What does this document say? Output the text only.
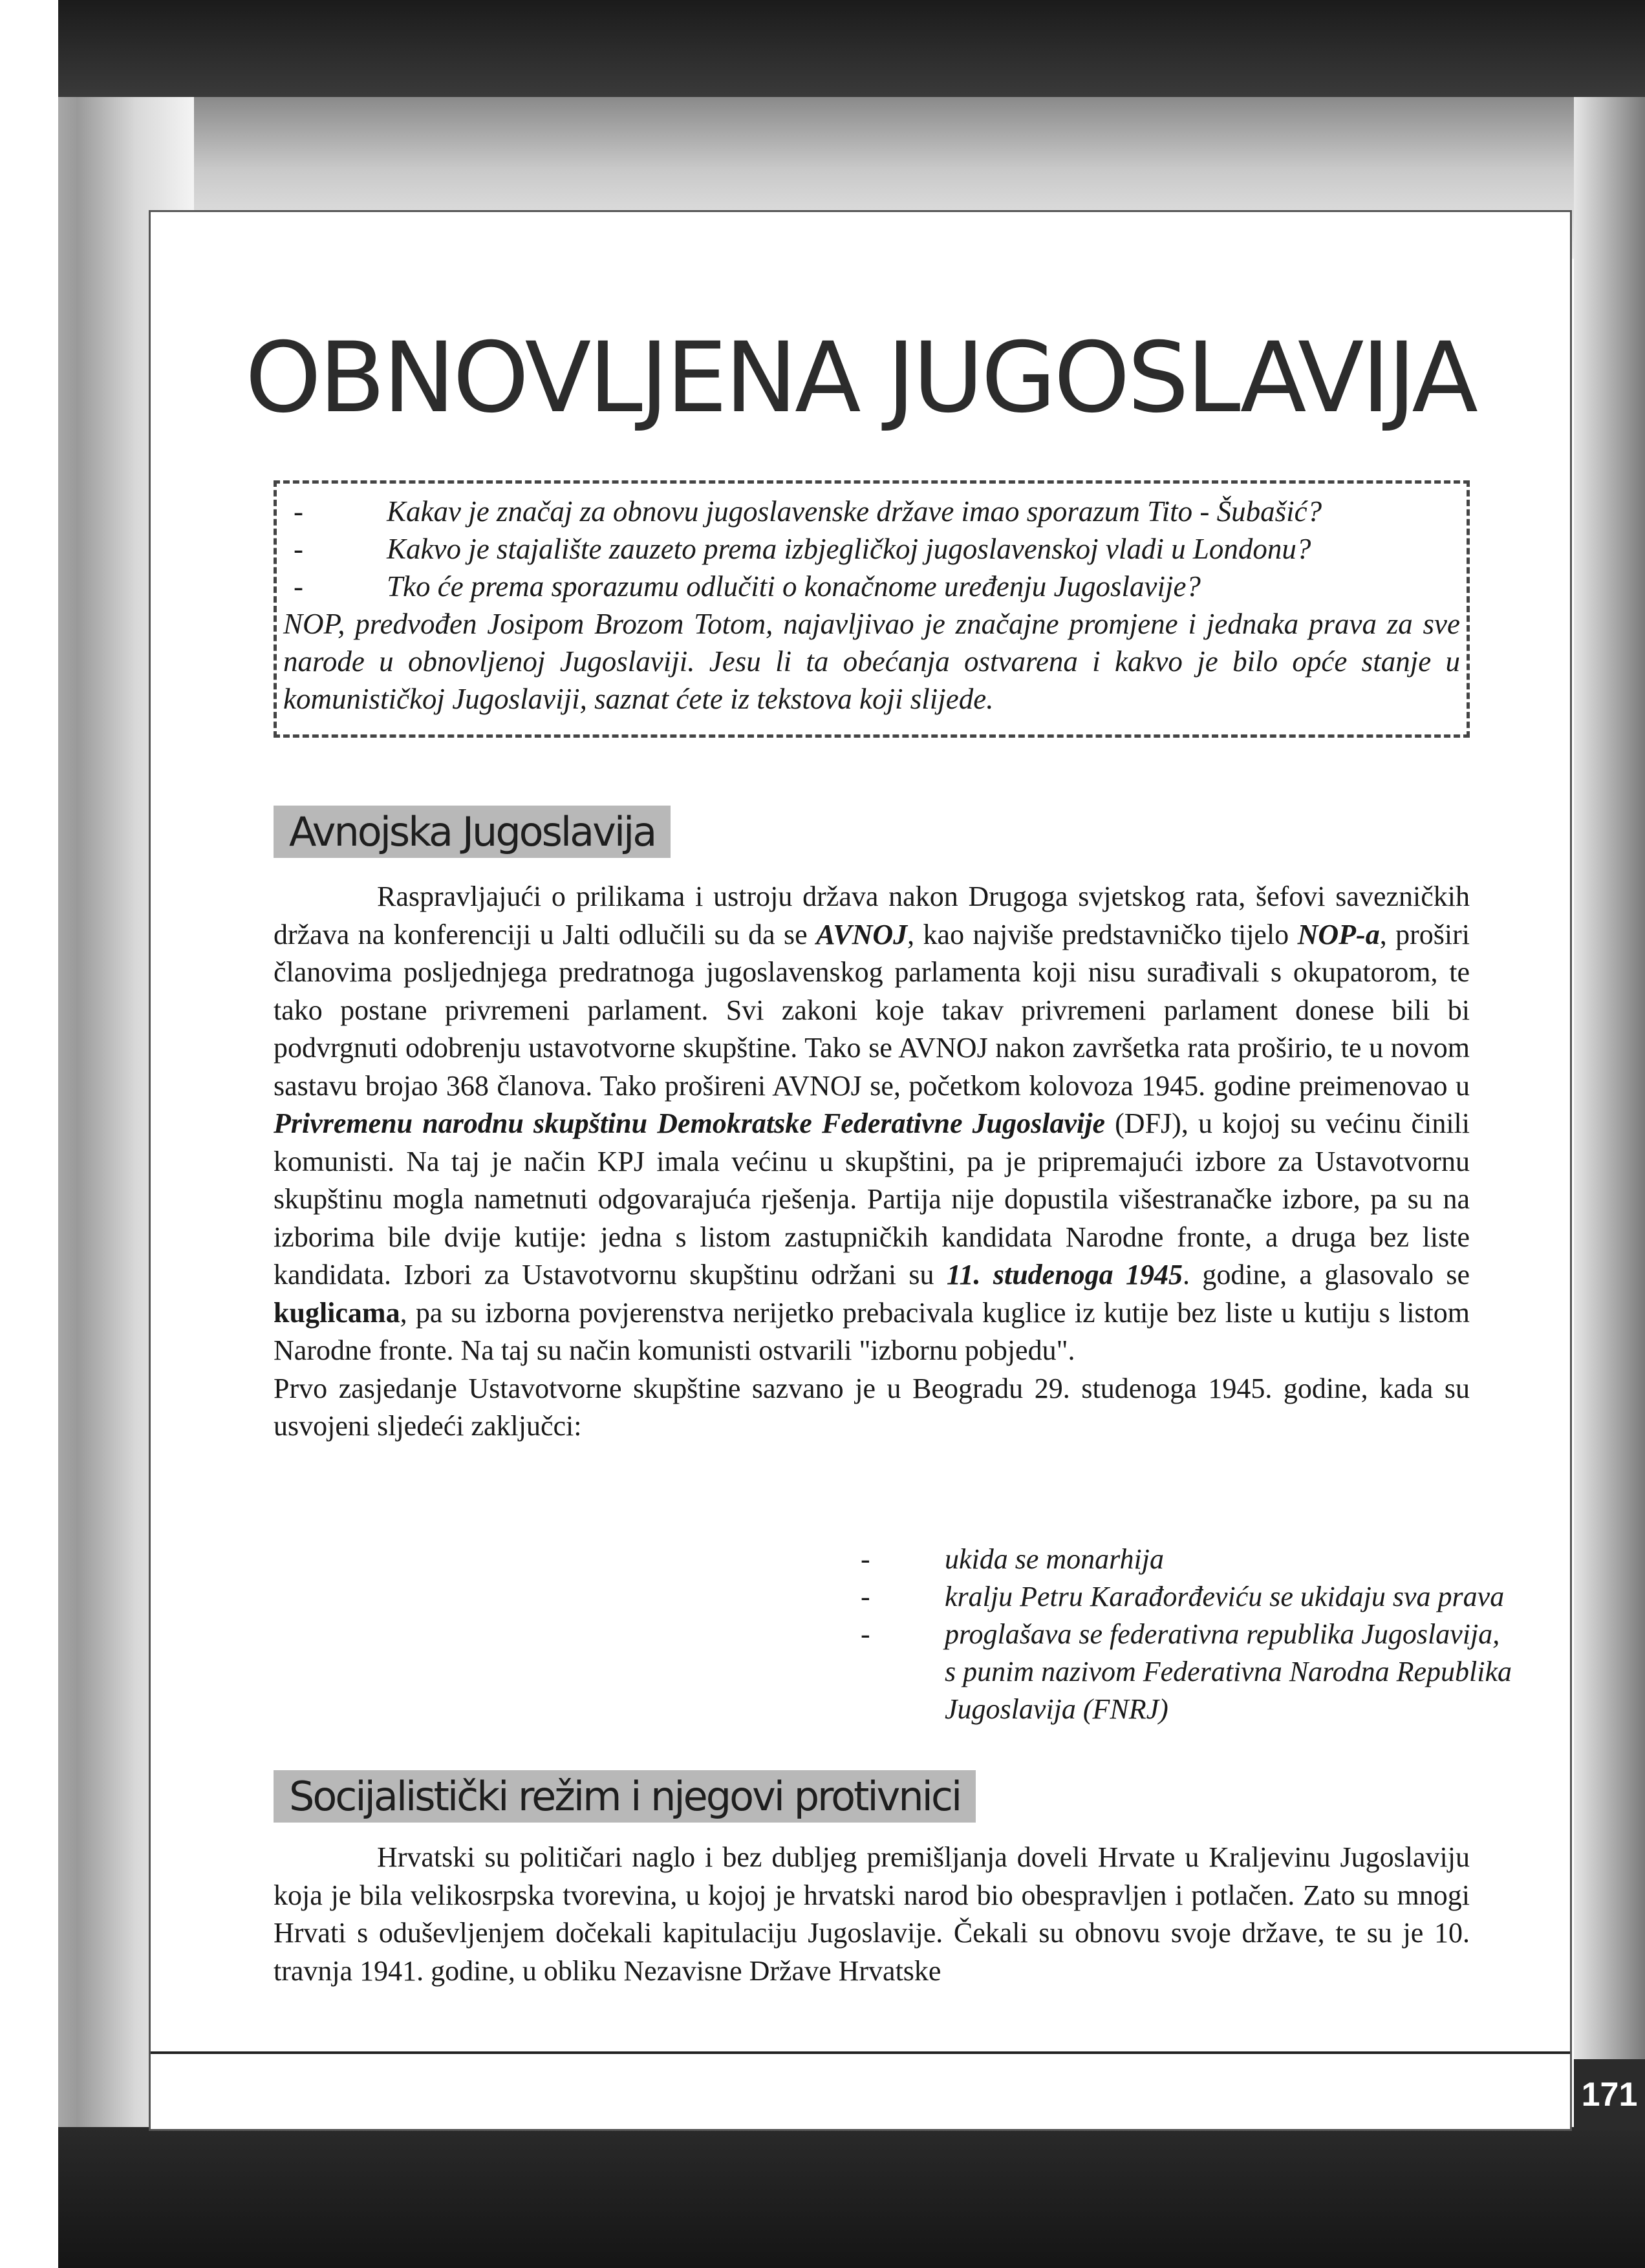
OBNOVLJENA JUGOSLAVIJA
-	Kakav je značaj za obnovu jugoslavenske države imao sporazum Tito - Šubašić?

-	Kakvo je stajalište zauzeto prema izbjegličkoj jugoslavenskoj vladi u Londonu?

-	Tko će prema sporazumu odlučiti o konačnome uređenju Jugoslavije?

NOP, predvođen Josipom Brozom Totom, najavljivao je značajne promjene i jednaka prava za sve narode u obnovljenoj Jugoslaviji. Jesu li ta obećanja ostvarena i kakvo je bilo opće stanje u komunističkoj Jugoslaviji, saznat ćete iz tekstova koji slijede.
Avnojska Jugoslavija

Raspravljajući o prilikama i ustroju država nakon Drugoga svjetskog rata, šefovi savezničkih država na konferenciji u Jalti odlučili su da se AVNOJ, kao najviše predstavničko tijelo NOP-a, proširi članovima posljednjega predratnoga jugoslavenskog parlamenta koji nisu surađivali s okupatorom, te tako postane privremeni parlament. Svi zakoni koje takav privremeni parlament donese bili bi podvrgnuti odobrenju ustavotvorne skupštine. Tako se AVNOJ nakon završetka rata proširio, te u novom sastavu brojao 368 članova. Tako prošireni AVNOJ se, početkom kolovoza 1945. godine preimenovao u Privremenu narodnu skupštinu Demokratske Federativne Jugoslavije (DFJ), u kojoj su većinu činili komunisti. Na taj je način KPJ imala većinu u skupštini, pa je pripremajući izbore za Ustavotvornu skupštinu mogla nametnuti odgovarajuća rješenja. Partija nije dopustila višestranačke izbore, pa su na izborima bile dvije kutije: jedna s listom zastupničkih kandidata Narodne fronte, a druga bez liste kandidata. Izbori za Ustavotvornu skupštinu održani su 11. studenoga 1945. godine, a glasovalo se kuglicama, pa su izborna povjerenstva nerijetko prebacivala kuglice iz kutije bez liste u kutiju s listom Narodne fronte. Na taj su način komunisti ostvarili "izbornu pobjedu".

Prvo zasjedanje Ustavotvorne skupštine sazvano je u Beogradu 29. studenoga 1945. godine, kada su usvojeni sljedeći zaključci:

-	ukida se monarhija
-	kralju Petru Karađorđeviću se ukidaju sva prava
-	proglašava se federativna republika Jugoslavija,
s punim nazivom Federativna Narodna Republika
Jugoslavija (FNRJ)
Socijalistički režim i njegovi protivnici

Hrvatski su političari naglo i bez dubljeg premišljanja doveli Hrvate u Kraljevinu Jugoslaviju koja je bila velikosrpska tvorevina, u kojoj je hrvatski narod bio obespravljen i potlačen. Zato su mnogi Hrvati s oduševljenjem dočekali kapitulaciju Jugoslavije. Čekali su obnovu svoje države, te su je 10. travnja 1941. godine, u obliku Nezavisne Države Hrvatske

171
